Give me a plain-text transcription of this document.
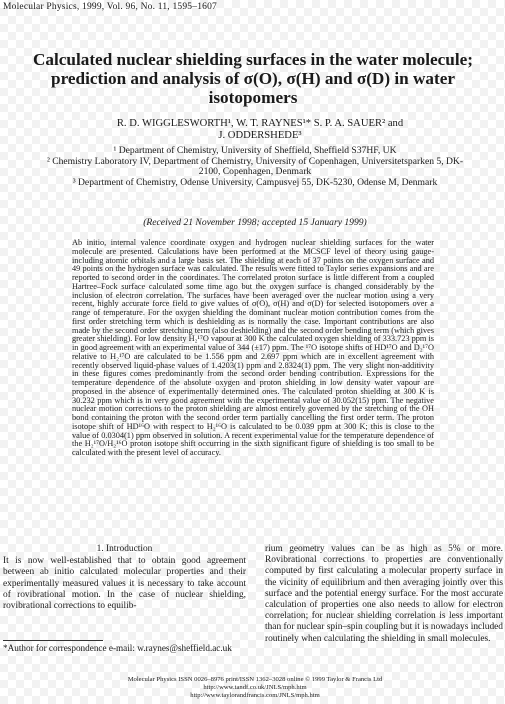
Molecular Physics, 1999, Vol. 96, No. 11, 1595–1607
Calculated nuclear shielding surfaces in the water molecule; prediction and analysis of σ(O), σ(H) and σ(D) in water isotopomers
R. D. WIGGLESWORTH¹, W. T. RAYNES¹* S. P. A. SAUER² and
J. ODDERSHEDE³
¹ Department of Chemistry, University of Sheffield, Sheffield S37HF, UK
² Chemistry Laboratory IV, Department of Chemistry, University of Copenhagen, Universitetsparken 5, DK-2100, Copenhagen, Denmark
³ Department of Chemistry, Odense University, Campusvej 55, DK-5230, Odense M, Denmark
(Received 21 November 1998; accepted 15 January 1999)

Ab initio, internal valence coordinate oxygen and hydrogen nuclear shielding surfaces for the water molecule are presented. Calculations have been performed at the MCSCF level of theory using gauge-including atomic orbitals and a large basis set. The shielding at each of 37 points on the oxygen surface and 49 points on the hydrogen surface was calculated. The results were fitted to Taylor series expansions and are reported to second order in the coordinates. The correlated proton surface is little different from a coupled Hartree–Fock surface calculated some time ago but the oxygen surface is changed considerably by the inclusion of electron correlation. The surfaces have been averaged over the nuclear motion using a very recent, highly accurate force field to give values of σ(O), σ(H) and σ(D) for selected isotopomers over a range of temperature. For the oxygen shielding the dominant nuclear motion contribution comes from the first order stretching term which is deshielding as is normally the case. Important contributions are also made by the second order stretching term (also deshielding) and the second order bending term (which gives greater shielding). For low density H₂¹⁷O vapour at 300 K the calculated oxygen shielding of 333.723 ppm is in good agreement with an experimental value of 344 (±17) ppm. The ¹⁷O isotope shifts of HD¹⁷O and D₂¹⁷O relative to H₂¹⁷O are calculated to be 1.556 ppm and 2.697 ppm which are in excellent agreement with recently observed liquid-phase values of 1.4203(1) ppm and 2.8324(1) ppm. The very slight non-additivity in these figures comes predominantly from the second order bending contribution. Expressions for the temperature dependence of the absolute oxygen and proton shielding in low density water vapour are proposed in the absence of experimentally determined ones. The calculated proton shielding at 300 K is 30.232 ppm which is in very good agreement with the experimental value of 30.052(15) ppm. The negative nuclear motion corrections to the proton shielding are almost entirely governed by the stretching of the OH bond containing the proton with the second order term partially cancelling the first order term. The proton isotope shift of HD¹⁶O with respect to H₂¹⁶O is calculated to be 0.039 ppm at 300 K; this is close to the value of 0.0304(1) ppm observed in solution. A recent experimental value for the temperature dependence of the H₂¹⁷O/H₂¹⁶O proton isotope shift occurring in the sixth significant figure of shielding is too small to be calculated with the present level of accuracy.

1. Introduction

It is now well-established that to obtain good agreement between ab initio calculated molecular properties and their experimentally measured values it is necessary to take account of rovibrational motion. In the case of nuclear shielding, rovibrational corrections to equilib-

rium geometry values can be as high as 5% or more. Rovibrational corrections to properties are conventionally computed by first calculating a molecular property surface in the vicinity of equilibrium and then averaging jointly over this surface and the potential energy surface. For the most accurate calculation of properties one also needs to allow for electron correlation; for nuclear shielding correlation is less important than for nuclear spin–spin coupling but it is nowadays included routinely when calculating the shielding in small molecules.

*Author for correspondence e-mail: w.raynes@sheffield.ac.uk
Molecular Physics ISSN 0026–8976 print/ISSN 1362–3028 online © 1999 Taylor & Francis Ltd
http://www.tandf.co.uk/JNLS/mph.htm
http://www.taylorandfrancis.com/JNLS/mph.htm
